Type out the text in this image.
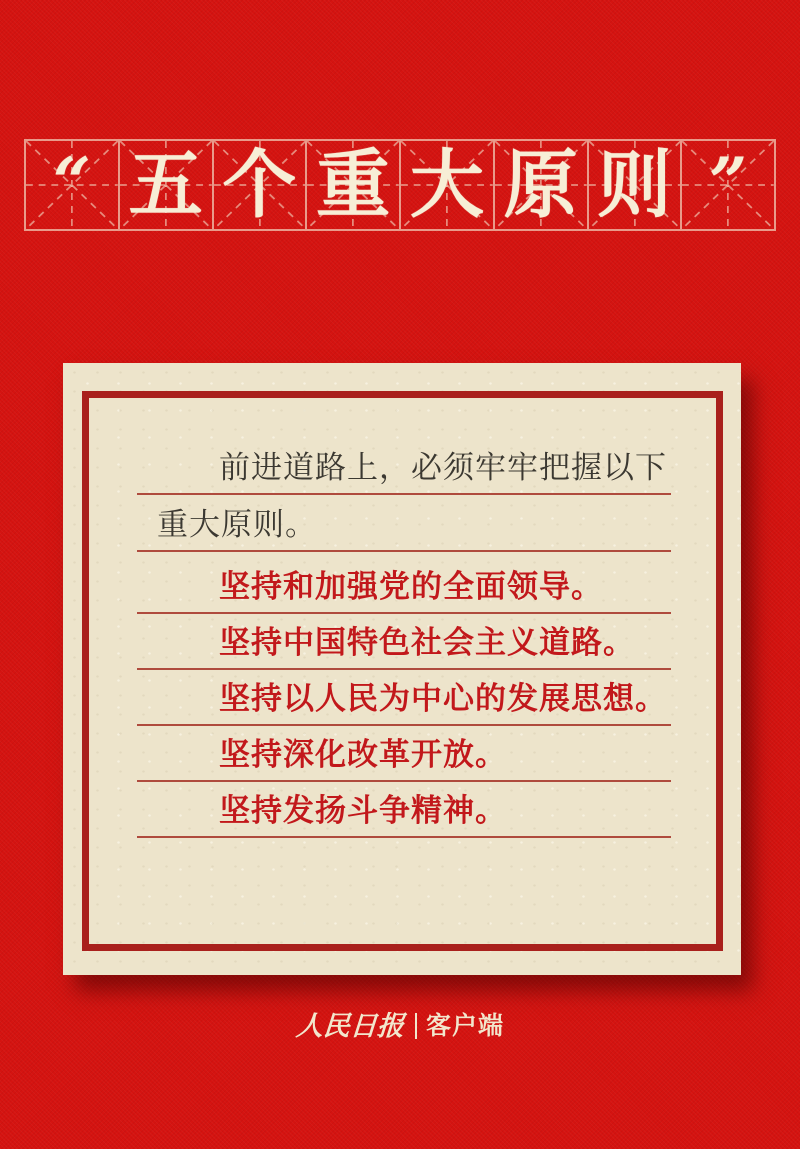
“ 五 个 重 大 原 则 ”
前进道路上，必须牢牢把握以下
重大原则。
坚持和加强党的全面领导。
坚持中国特色社会主义道路。
坚持以人民为中心的发展思想。
坚持深化改革开放。
坚持发扬斗争精神。
人民日报 客户端
